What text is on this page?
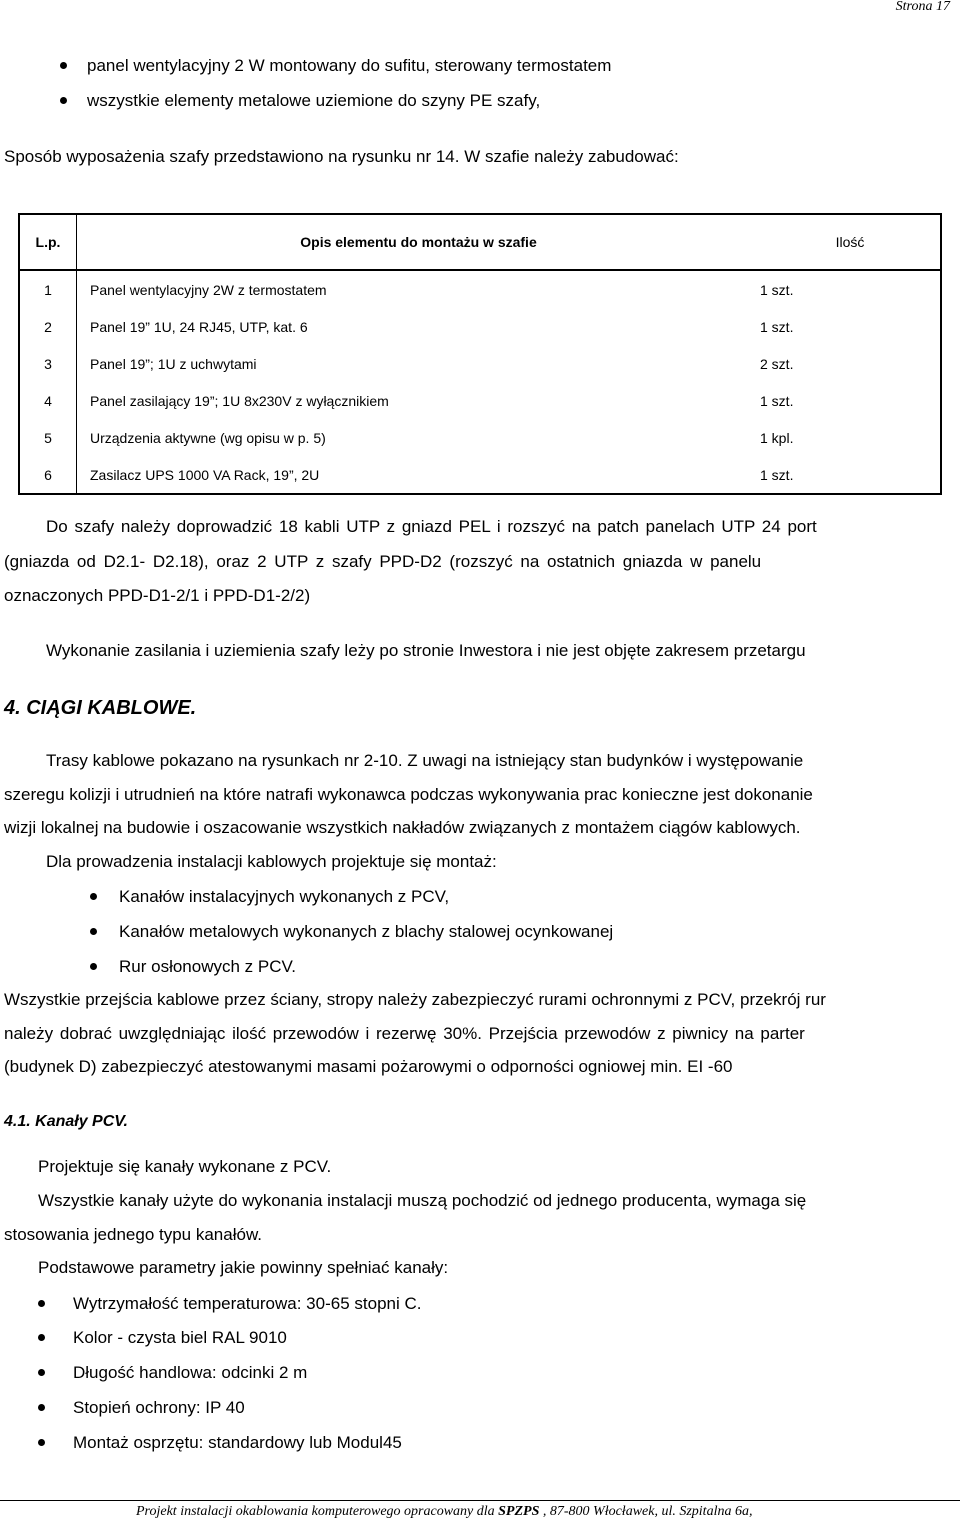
Strona 17
panel wentylacyjny 2 W montowany do sufitu, sterowany termostatem
wszystkie elementy metalowe uziemione do szyny PE szafy,
Sposób wyposażenia szafy przedstawiono na rysunku nr 14. W szafie należy zabudować:
L.p.	Opis elementu do montażu w szafie	Ilość
1	Panel wentylacyjny 2W z termostatem	1 szt.
2	Panel 19” 1U, 24 RJ45, UTP, kat. 6	1 szt.
3	Panel 19”; 1U z uchwytami	2 szt.
4	Panel zasilający 19”; 1U 8x230V z wyłącznikiem	1 szt.
5	Urządzenia aktywne (wg opisu w p. 5)	1 kpl.
6	Zasilacz UPS 1000 VA Rack, 19”, 2U	1 szt.
Do szafy należy doprowadzić 18 kabli UTP z gniazd PEL i rozszyć na patch panelach UTP 24 port
(gniazda od D2.1- D2.18), oraz 2 UTP z szafy PPD-D2 (rozszyć na ostatnich gniazda w panelu
oznaczonych PPD-D1-2/1 i PPD-D1-2/2)
Wykonanie zasilania i uziemienia szafy leży po stronie Inwestora i nie jest objęte zakresem przetargu
4. CIĄGI KABLOWE.
Trasy kablowe pokazano na rysunkach nr 2-10. Z uwagi na istniejący stan budynków i występowanie
szeregu kolizji i utrudnień na które natrafi wykonawca podczas wykonywania prac konieczne jest dokonanie
wizji lokalnej na budowie i oszacowanie wszystkich nakładów związanych z montażem ciągów kablowych.
Dla prowadzenia instalacji kablowych projektuje się montaż:
Kanałów instalacyjnych wykonanych z PCV,
Kanałów metalowych wykonanych z blachy stalowej ocynkowanej
Rur osłonowych z PCV.
Wszystkie przejścia kablowe przez ściany, stropy należy zabezpieczyć rurami ochronnymi z PCV, przekrój rur
należy dobrać uwzględniając ilość przewodów i rezerwę 30%. Przejścia przewodów z piwnicy na parter
(budynek D) zabezpieczyć atestowanymi masami pożarowymi o odporności ogniowej min. EI -60
4.1. Kanały PCV.
Projektuje się kanały wykonane z PCV.
Wszystkie kanały użyte do wykonania instalacji muszą pochodzić od jednego producenta, wymaga się
stosowania jednego typu kanałów.
Podstawowe parametry jakie powinny spełniać kanały:
Wytrzymałość temperaturowa: 30-65 stopni C.
Kolor - czysta biel RAL 9010
Długość handlowa: odcinki 2 m
Stopień ochrony: IP 40
Montaż osprzętu: standardowy lub Modul45
Projekt instalacji okablowania komputerowego opracowany dla SPZPS , 87-800 Włocławek, ul. Szpitalna 6a,
